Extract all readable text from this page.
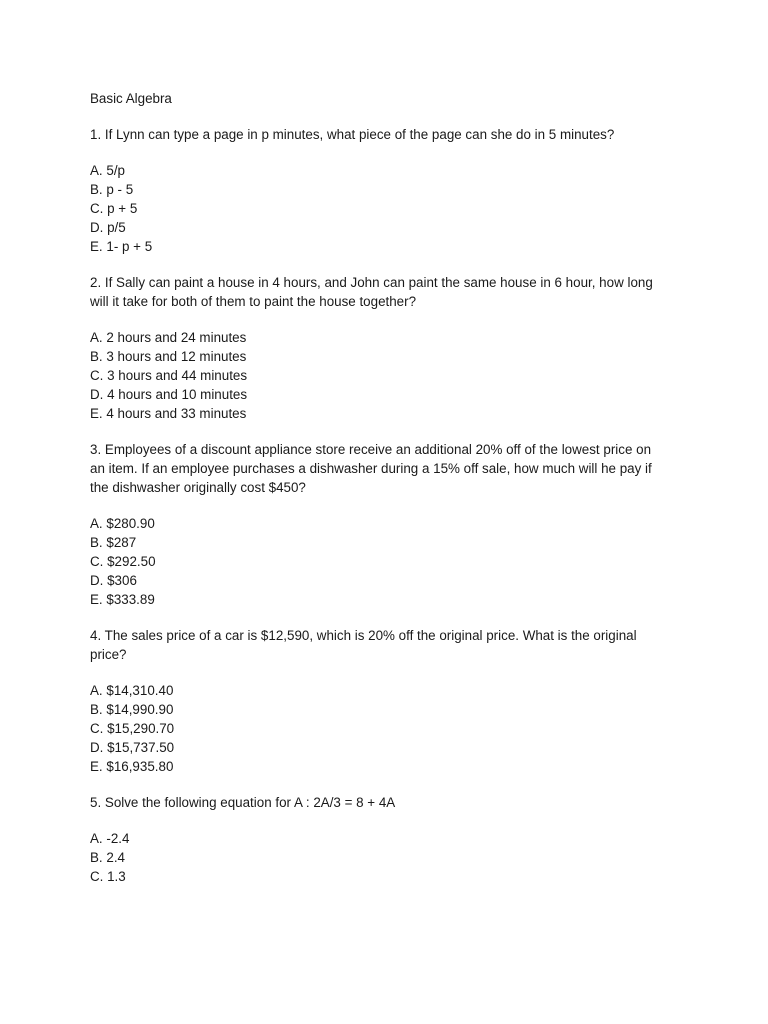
Basic Algebra
1. If Lynn can type a page in p minutes, what piece of the page can she do in 5 minutes?
A. 5/p
B. p - 5
C. p + 5
D. p/5
E. 1- p + 5
2. If Sally can paint a house in 4 hours, and John can paint the same house in 6 hour, how long
will it take for both of them to paint the house together?
A. 2 hours and 24 minutes
B. 3 hours and 12 minutes
C. 3 hours and 44 minutes
D. 4 hours and 10 minutes
E. 4 hours and 33 minutes
3. Employees of a discount appliance store receive an additional 20% off of the lowest price on
an item. If an employee purchases a dishwasher during a 15% off sale, how much will he pay if
the dishwasher originally cost $450?
A. $280.90
B. $287
C. $292.50
D. $306
E. $333.89
4. The sales price of a car is $12,590, which is 20% off the original price. What is the original
price?
A. $14,310.40
B. $14,990.90
C. $15,290.70
D. $15,737.50
E. $16,935.80
5. Solve the following equation for A : 2A/3 = 8 + 4A
A. -2.4
B. 2.4
C. 1.3
